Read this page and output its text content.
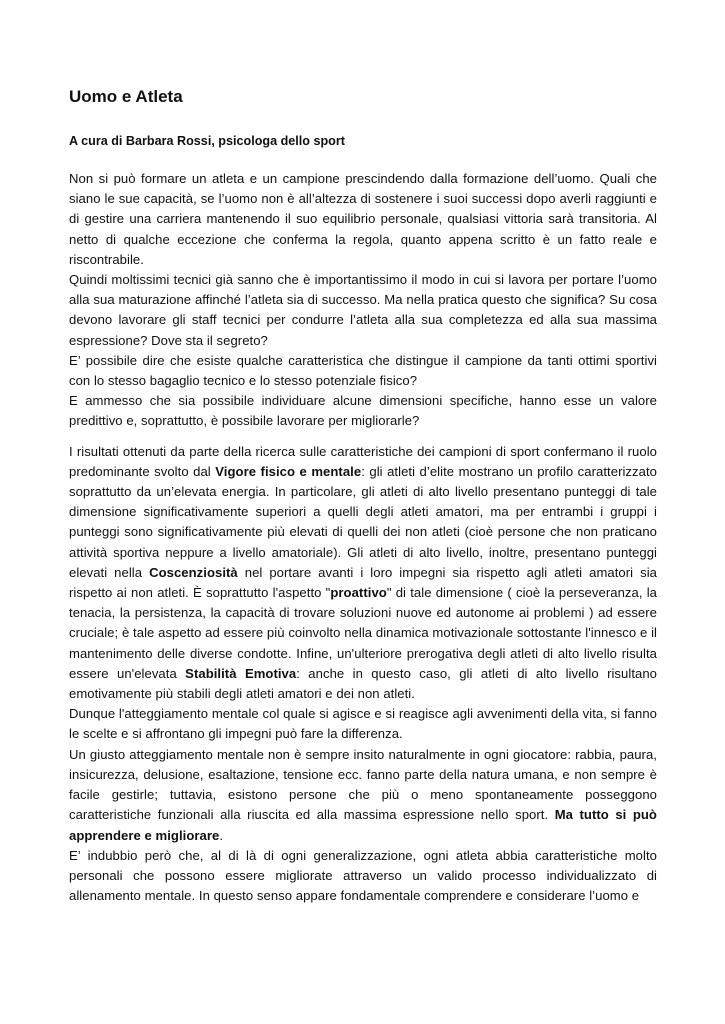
Uomo e Atleta
A cura di Barbara Rossi, psicologa dello sport

Non si può formare un atleta e un campione prescindendo dalla formazione dell’uomo. Quali che siano le sue capacità, se l’uomo non è all’altezza di sostenere i suoi successi dopo averli raggiunti e di gestire una carriera mantenendo il suo equilibrio personale, qualsiasi vittoria sarà transitoria. Al netto di qualche eccezione che conferma la regola, quanto appena scritto è un fatto reale e riscontrabile.

Quindi moltissimi tecnici già sanno che è importantissimo il modo in cui si lavora per portare l’uomo alla sua maturazione affinché l’atleta sia di successo. Ma nella pratica questo che significa? Su cosa devono lavorare gli staff tecnici per condurre l’atleta alla sua completezza ed alla sua massima espressione? Dove sta il segreto?

E’ possibile dire che esiste qualche caratteristica che distingue il campione da tanti ottimi sportivi con lo stesso bagaglio tecnico e lo stesso potenziale fisico?

E ammesso che sia possibile individuare alcune dimensioni specifiche, hanno esse un valore predittivo e, soprattutto, è possibile lavorare per migliorarle?

I risultati ottenuti da parte della ricerca sulle caratteristiche dei campioni di sport confermano il ruolo predominante svolto dal Vigore fisico e mentale: gli atleti d’elite mostrano un profilo caratterizzato soprattutto da un’elevata energia. In particolare, gli atleti di alto livello presentano punteggi di tale dimensione significativamente superiori a quelli degli atleti amatori, ma per entrambi i gruppi i punteggi sono significativamente più elevati di quelli dei non atleti (cioè persone che non praticano attività sportiva neppure a livello amatoriale). Gli atleti di alto livello, inoltre, presentano punteggi elevati nella Coscenziosità nel portare avanti i loro impegni sia rispetto agli atleti amatori sia rispetto ai non atleti. È soprattutto l'aspetto "proattivo" di tale dimensione ( cioè la perseveranza, la tenacia, la persistenza, la capacità di trovare soluzioni nuove ed autonome ai problemi ) ad essere cruciale; è tale aspetto ad essere più coinvolto nella dinamica motivazionale sottostante l'innesco e il mantenimento delle diverse condotte. Infine, un'ulteriore prerogativa degli atleti di alto livello risulta essere un'elevata Stabilità Emotiva: anche in questo caso, gli atleti di alto livello risultano emotivamente più stabili degli atleti amatori e dei non atleti.

Dunque l'atteggiamento mentale col quale si agisce e si reagisce agli avvenimenti della vita, si fanno le scelte e si affrontano gli impegni può fare la differenza.

Un giusto atteggiamento mentale non è sempre insito naturalmente in ogni giocatore: rabbia, paura, insicurezza, delusione, esaltazione, tensione ecc. fanno parte della natura umana, e non sempre è facile gestirle; tuttavia, esistono persone che più o meno spontaneamente posseggono caratteristiche funzionali alla riuscita ed alla massima espressione nello sport. Ma tutto si può apprendere e migliorare.

E’ indubbio però che, al di là di ogni generalizzazione, ogni atleta abbia caratteristiche molto personali che possono essere migliorate attraverso un valido processo individualizzato di allenamento mentale. In questo senso appare fondamentale comprendere e considerare l’uomo e
